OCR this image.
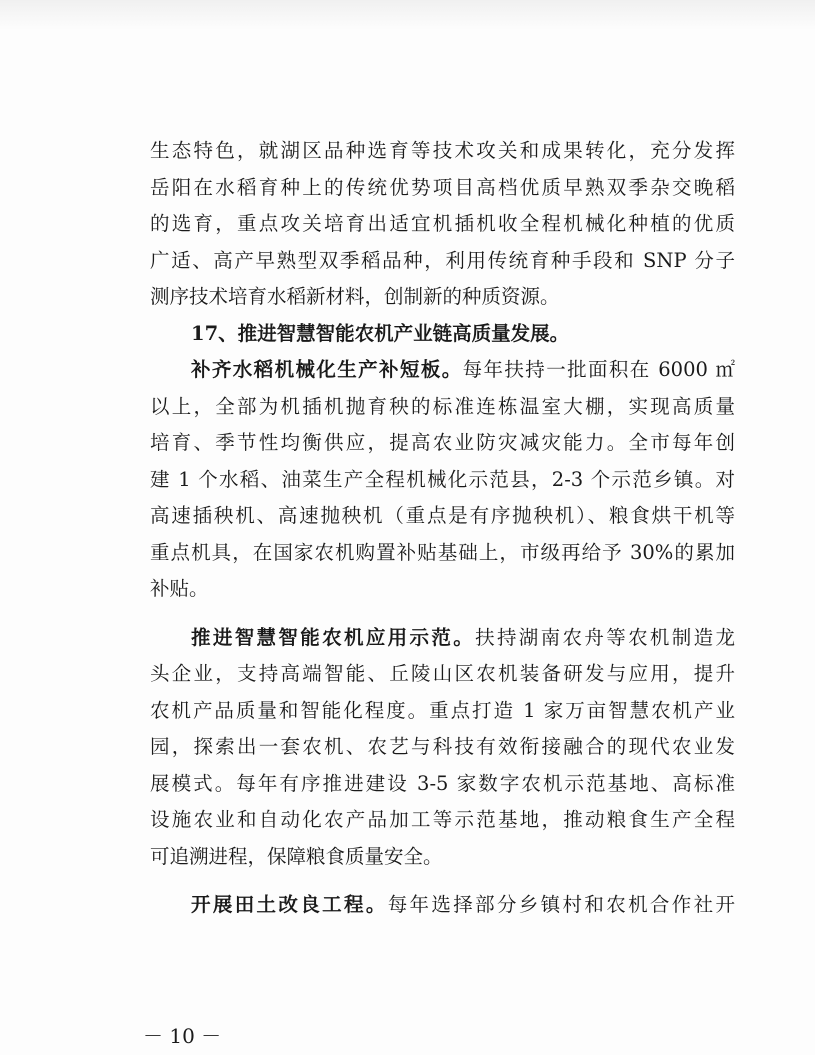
生态特色，就湖区品种选育等技术攻关和成果转化，充分发挥
岳阳在水稻育种上的传统优势项目高档优质早熟双季杂交晚稻
的选育，重点攻关培育出适宜机插机收全程机械化种植的优质
广适、高产早熟型双季稻品种，利用传统育种手段和 SNP 分子
测序技术培育水稻新材料，创制新的种质资源。
17、推进智慧智能农机产业链高质量发展。
补齐水稻机械化生产补短板。每年扶持一批面积在 6000 ㎡
以上，全部为机插机抛育秧的标准连栋温室大棚，实现高质量
培育、季节性均衡供应，提高农业防灾减灾能力。全市每年创
建 1 个水稻、油菜生产全程机械化示范县，2-3 个示范乡镇。对
高速插秧机、高速抛秧机（重点是有序抛秧机）、粮食烘干机等
重点机具，在国家农机购置补贴基础上，市级再给予 30%的累加
补贴。
推进智慧智能农机应用示范。扶持湖南农舟等农机制造龙
头企业，支持高端智能、丘陵山区农机装备研发与应用，提升
农机产品质量和智能化程度。重点打造 1 家万亩智慧农机产业
园，探索出一套农机、农艺与科技有效衔接融合的现代农业发
展模式。每年有序推进建设 3-5 家数字农机示范基地、高标准
设施农业和自动化农产品加工等示范基地，推动粮食生产全程
可追溯进程，保障粮食质量安全。
开展田土改良工程。每年选择部分乡镇村和农机合作社开
－ 10 －
